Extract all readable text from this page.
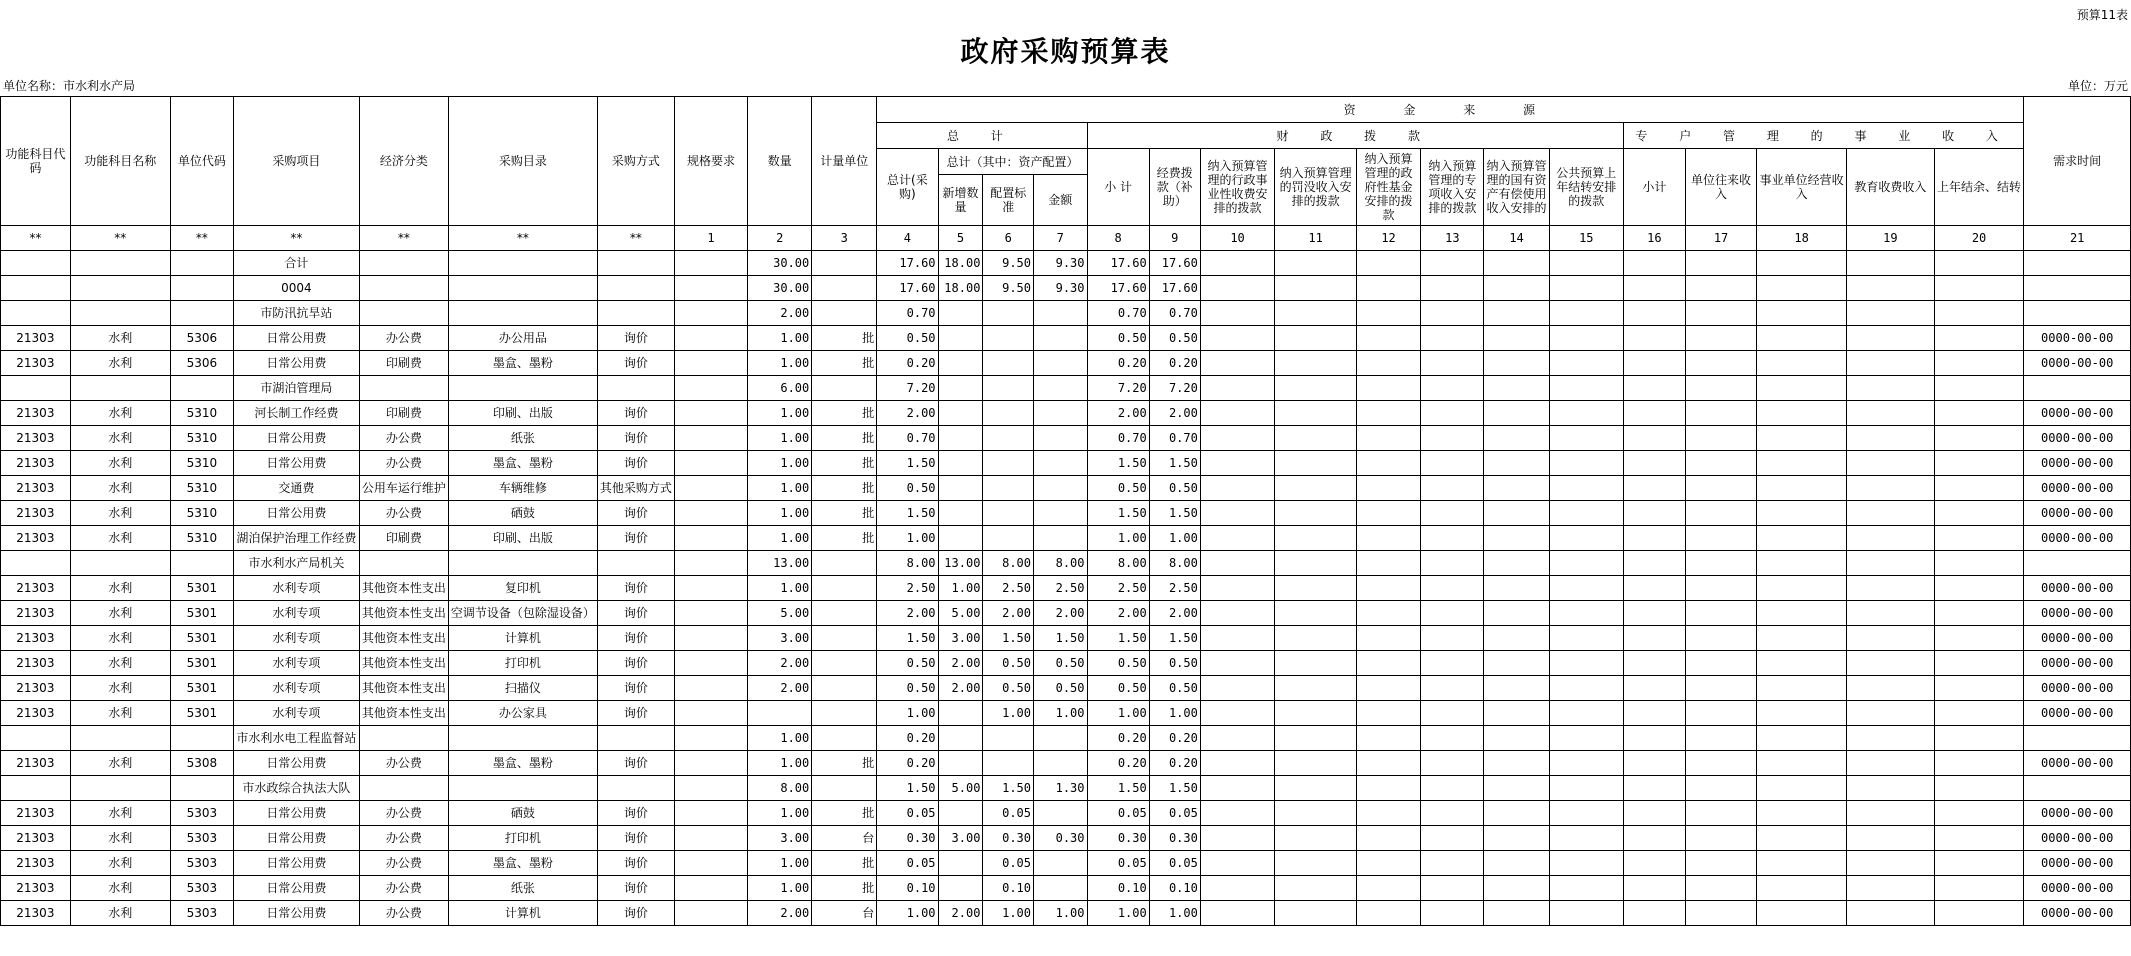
预算11表
政府采购预算表
单位名称：市水利水产局	单位：万元
功能科目代码	功能科目名称	单位代码	采购项目	经济分类	采购目录	采购方式	规格要求	数量	计量单位	资 金 来 源																	需求时间
										总 计				财 政 拨 款								专 户 管 理 的 事 业 收 入					
										总计(采购)	总计（其中：资产配置）			小 计	经费拨款（补助）	纳入预算管理的行政事业性收费安排的拨款	纳入预算管理的罚没收入安排的拨款	纳入预算管理的政府性基金安排的拨款	纳入预算管理的专项收入安排的拨款	纳入预算管理的国有资产有偿使用收入安排的	公共预算上年结转安排的拨款	小计	单位往来收入	事业单位经营收入	教育收费收入	上年结余、结转	
											新增数量	配置标准	金额														
**	**	**	**	**	**	**	1	2	3	4	5	6	7	8	9	10	11	12	13	14	15	16	17	18	19	20	21
			合计					30.00		17.60	18.00	9.50	9.30	17.60	17.60												
			0004					30.00		17.60	18.00	9.50	9.30	17.60	17.60												
			市防汛抗旱站					2.00		0.70				0.70	0.70												
21303	水利	5306	日常公用费	办公费	办公用品	询价		1.00	批	0.50				0.50	0.50												0000-00-00
21303	水利	5306	日常公用费	印刷费	墨盒、墨粉	询价		1.00	批	0.20				0.20	0.20												0000-00-00
			市湖泊管理局					6.00		7.20				7.20	7.20												
21303	水利	5310	河长制工作经费	印刷费	印刷、出版	询价		1.00	批	2.00				2.00	2.00												0000-00-00
21303	水利	5310	日常公用费	办公费	纸张	询价		1.00	批	0.70				0.70	0.70												0000-00-00
21303	水利	5310	日常公用费	办公费	墨盒、墨粉	询价		1.00	批	1.50				1.50	1.50												0000-00-00
21303	水利	5310	交通费	公用车运行维护	车辆维修	其他采购方式		1.00	批	0.50				0.50	0.50												0000-00-00
21303	水利	5310	日常公用费	办公费	硒鼓	询价		1.00	批	1.50				1.50	1.50												0000-00-00
21303	水利	5310	湖泊保护治理工作经费	印刷费	印刷、出版	询价		1.00	批	1.00				1.00	1.00												0000-00-00
			市水利水产局机关					13.00		8.00	13.00	8.00	8.00	8.00	8.00												
21303	水利	5301	水利专项	其他资本性支出	复印机	询价		1.00		2.50	1.00	2.50	2.50	2.50	2.50												0000-00-00
21303	水利	5301	水利专项	其他资本性支出	空调节设备（包除湿设备）	询价		5.00		2.00	5.00	2.00	2.00	2.00	2.00												0000-00-00
21303	水利	5301	水利专项	其他资本性支出	计算机	询价		3.00		1.50	3.00	1.50	1.50	1.50	1.50												0000-00-00
21303	水利	5301	水利专项	其他资本性支出	打印机	询价		2.00		0.50	2.00	0.50	0.50	0.50	0.50												0000-00-00
21303	水利	5301	水利专项	其他资本性支出	扫描仪	询价		2.00		0.50	2.00	0.50	0.50	0.50	0.50												0000-00-00
21303	水利	5301	水利专项	其他资本性支出	办公家具	询价				1.00		1.00	1.00	1.00	1.00												0000-00-00
			市水利水电工程监督站					1.00		0.20				0.20	0.20												
21303	水利	5308	日常公用费	办公费	墨盒、墨粉	询价		1.00	批	0.20				0.20	0.20												0000-00-00
			市水政综合执法大队					8.00		1.50	5.00	1.50	1.30	1.50	1.50												
21303	水利	5303	日常公用费	办公费	硒鼓	询价		1.00	批	0.05		0.05		0.05	0.05												0000-00-00
21303	水利	5303	日常公用费	办公费	打印机	询价		3.00	台	0.30	3.00	0.30	0.30	0.30	0.30												0000-00-00
21303	水利	5303	日常公用费	办公费	墨盒、墨粉	询价		1.00	批	0.05		0.05		0.05	0.05												0000-00-00
21303	水利	5303	日常公用费	办公费	纸张	询价		1.00	批	0.10		0.10		0.10	0.10												0000-00-00
21303	水利	5303	日常公用费	办公费	计算机	询价		2.00	台	1.00	2.00	1.00	1.00	1.00	1.00												0000-00-00
